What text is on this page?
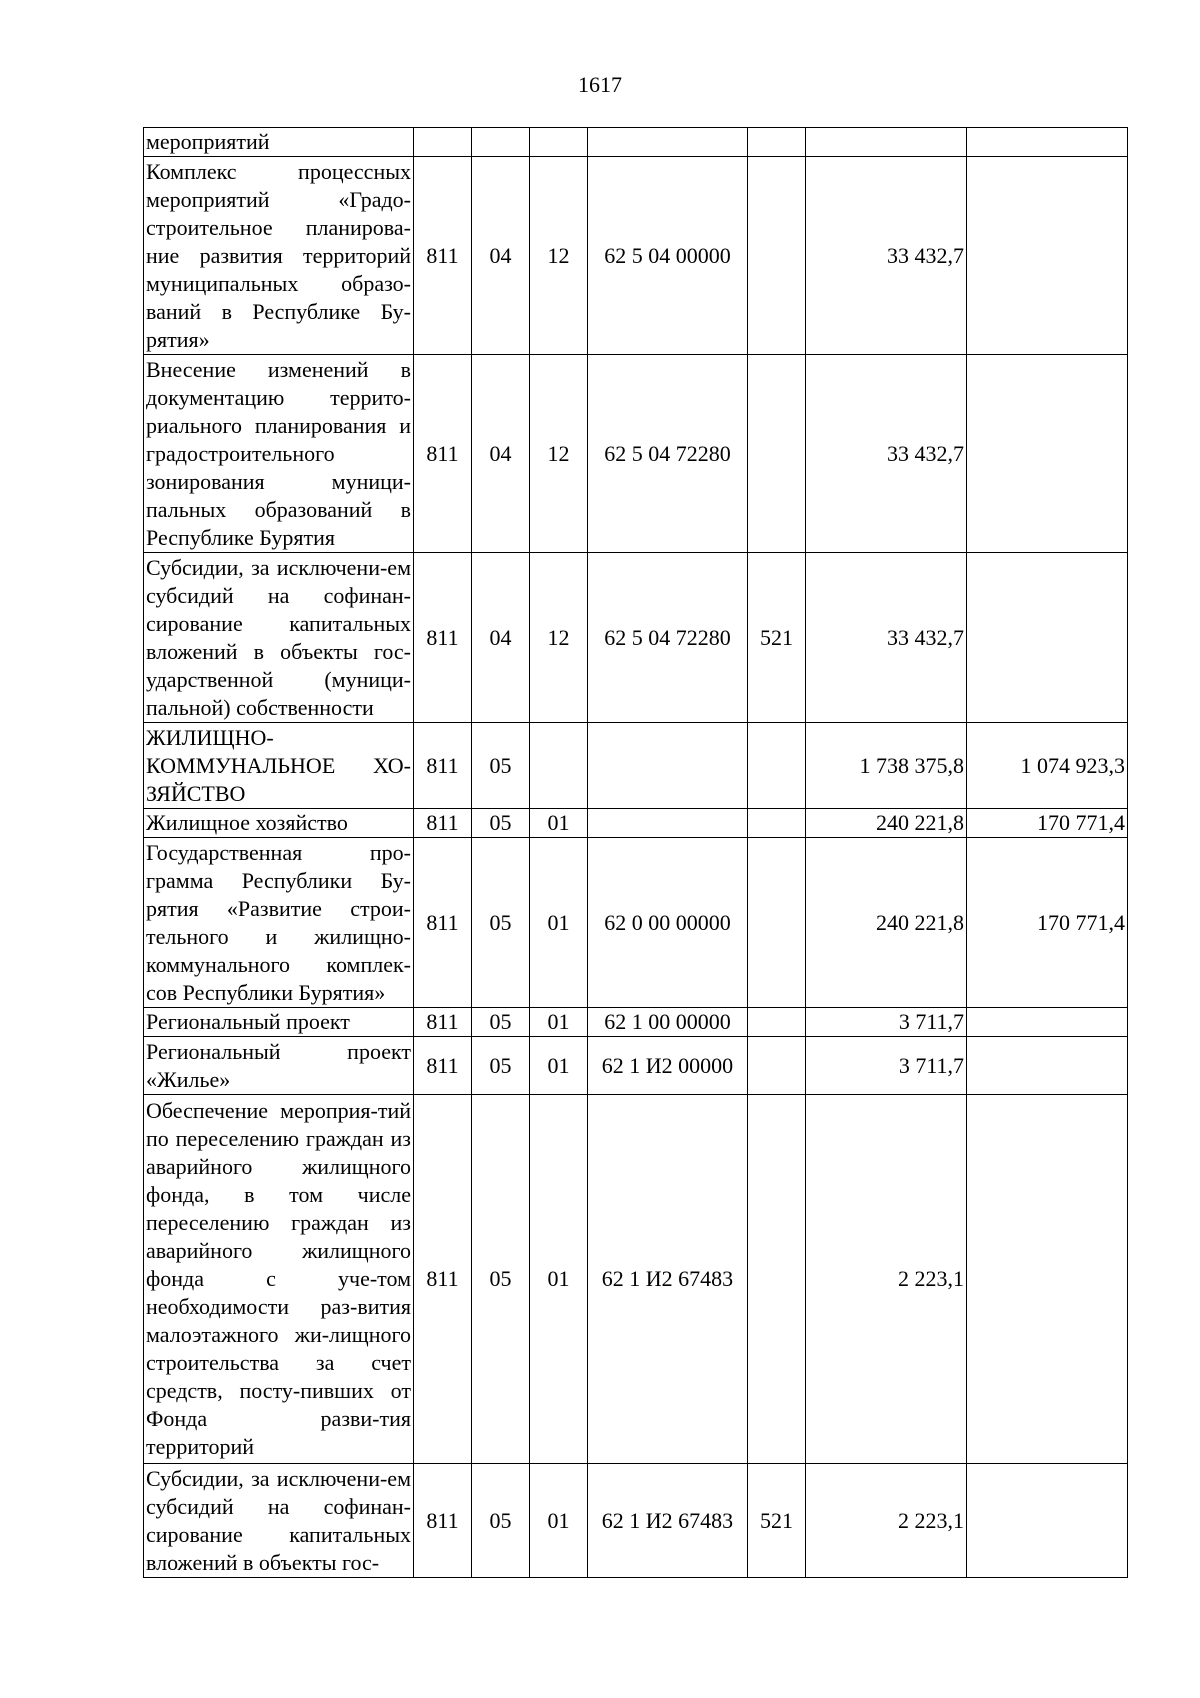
1617
мероприятий							
Комплекс процессных мероприятий «Градо-строительное планирова-ние развития территорий муниципальных образо-ваний в Республике Бу-рятия»	811	04	12	62 5 04 00000		33 432,7	
Внесение изменений в документацию террито-риального планирования и градостроительного зонирования муници-пальных образований в Республике Бурятия	811	04	12	62 5 04 72280		33 432,7	
Субсидии, за исключени-ем субсидий на софинан-сирование капитальных вложений в объекты гос-ударственной (муници-пальной) собственности	811	04	12	62 5 04 72280	521	33 432,7	
ЖИЛИЩНО-КОММУНАЛЬНОЕ ХО-ЗЯЙСТВО	811	05				1 738 375,8	1 074 923,3
Жилищное хозяйство	811	05	01			240 221,8	170 771,4
Государственная про-грамма Республики Бу-рятия «Развитие строи-тельного и жилищно-коммунального комплек-сов Республики Бурятия»	811	05	01	62 0 00 00000		240 221,8	170 771,4
Региональный проект	811	05	01	62 1 00 00000		3 711,7	
Региональный проект «Жилье»	811	05	01	62 1 И2 00000		3 711,7	
Обеспечение мероприя-тий по переселению граждан из аварийного жилищного фонда, в том числе переселению граждан из аварийного жилищного фонда с уче-том необходимости раз-вития малоэтажного жи-лищного строительства за счет средств, посту-пивших от Фонда разви-тия территорий	811	05	01	62 1 И2 67483		2 223,1	
Субсидии, за исключени-ем субсидий на софинан-сирование капитальных вложений в объекты гос-	811	05	01	62 1 И2 67483	521	2 223,1	
